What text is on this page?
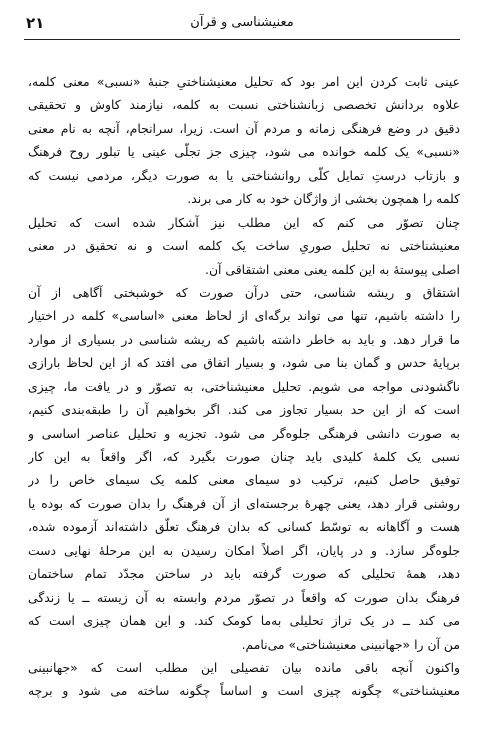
۲۱	معنیشناسی و قرآن
عینی ثابت کردن این امر بود که تحلیل معنیشناختیِ جنبهٔ «نسبی» معنی کلمه،
علاوه بردانش تخصصی زبانشناختی نسبت به کلمه، نیازمند کاوش و تحقیقی
دقیق در وضع فرهنگی زمانه و مردم آن است. زیرا، سرانجام، آنچه به نام معنی
«نسبی» یک کلمه خوانده می شود، چیزی جز تجلّی عینی یا تبلور روح فرهنگ
و بازتاب درستِ تمایل کلّی روانشناختی یا به صورت دیگر، مردمی نیست که
کلمه را همچون بخشی از واژگان خود به کار می برند.
چنان تصوّر می کنم که این مطلب نیز آشکار شده است که تحلیل
معنیشناختی نه تحلیل صوریِ ساخت یک کلمه است و نه تحقیق در معنی
اصلی پیوستهٔ به این کلمه یعنی معنی اشتقاقی آن.
اشتقاق و ریشه شناسی، حتی درآن صورت که خوشبختی آگاهی از آن
را داشته باشیم، تنها می تواند برگه‌ای از لحاظ معنی «اساسی» کلمه در اختیار
ما قرار دهد. و باید به خاطر داشته باشیم که ریشه شناسی در بسیاری از موارد
برپایهٔ حدس و گمان بنا می شود، و بسیار اتفاق می افتد که از این لحاظ بارازی
ناگشودنی مواجه می شویم. تحلیل معنیشناختی، به تصوّر و در یافت ما، چیزی
است که از این حد بسیار تجاوز می کند. اگر بخواهیم آن را طبقه‌بندی کنیم،
به صورت دانشی فرهنگی جلوه‌گر می شود. تجزیه و تحلیل عناصر اساسی و
نسبی یک کلمهٔ کلیدی باید چنان صورت بگیرد که، اگر واقعاً به این کار
توفیق حاصل کنیم، ترکیب دو سیمای معنی کلمه یک سیمای خاص را در
روشنی قرار دهد، یعنی چهرهٔ برجسته‌ای از آن فرهنگ را بدان صورت که بوده یا
هست و آگاهانه به توسّط کسانی که بدان فرهنگ تعلّق داشته‌اند آزموده شده،
جلوه‌گر سازد. و در پایان، اگر اصلاً امکان رسیدن به این مرحلهٔ نهایی دست
دهد، همهٔ تحلیلی که صورت گرفته باید در ساختن مجدّد تمام ساختمان
فرهنگ بدان صورت که واقعاً در تصوّر مردم وابسته به آن زیسته ــ یا زندگی
می کند ــ در یک تراز تحلیلی به‌ما کومک کند. و این همان چیزی است که
من آن را «جهانبینی معنیشناختی» می‌نامم.
واکنون آنچه باقی مانده بیان تفصیلی این مطلب است که «جهانبینی
معنیشناختی» چگونه چیزی است و اساساً چگونه ساخته می شود و برچه
